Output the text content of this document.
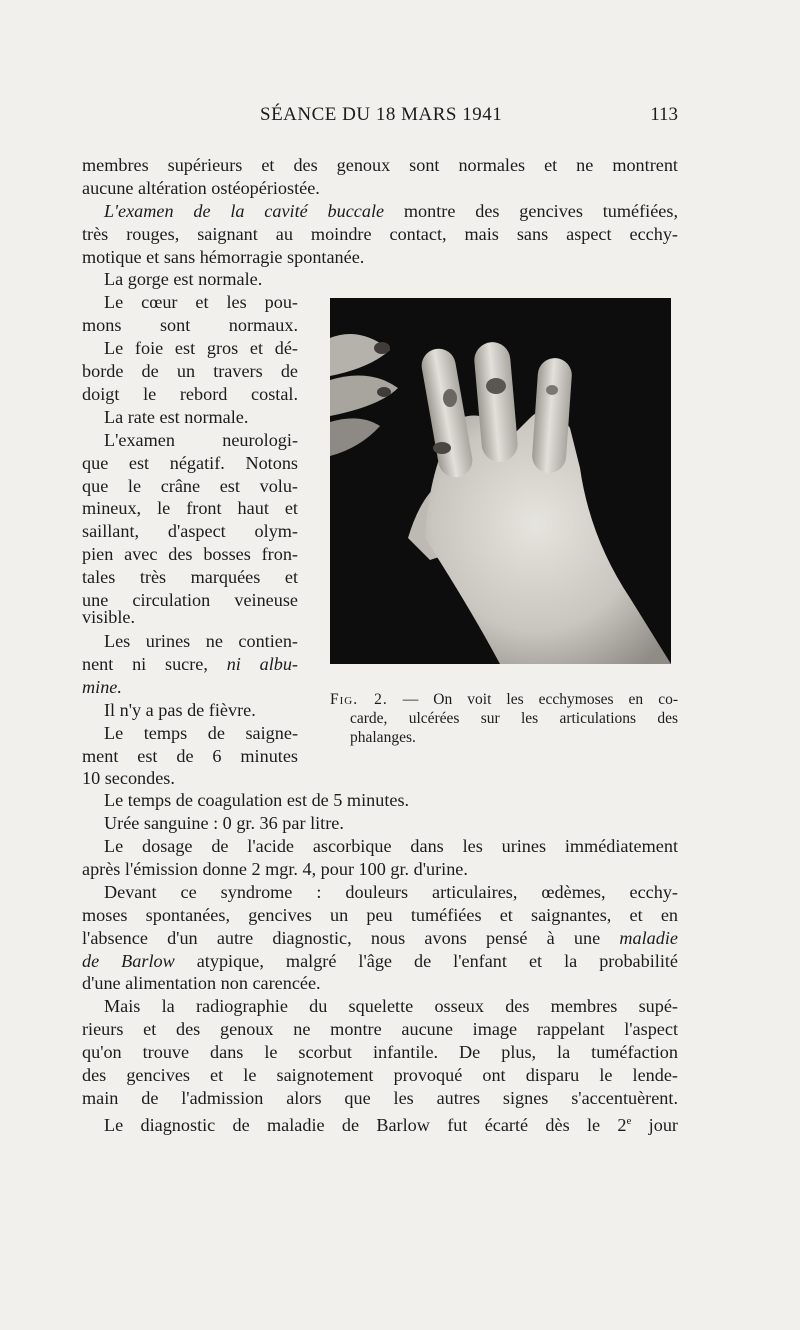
SÉANCE DU 18 MARS 1941	113
membres supérieurs et des genoux sont normales et ne montrent
aucune altération ostéopériostée.
L'examen de la cavité buccale montre des gencives tuméfiées,
très rouges, saignant au moindre contact, mais sans aspect ecchy-
motique et sans hémorragie spontanée.
La gorge est normale.
Le cœur et les pou-
mons sont normaux.
Le foie est gros et dé-
borde de un travers de
doigt le rebord costal.
La rate est normale.
L'examen neurologi-
que est négatif. Notons
que le crâne est volu-
mineux, le front haut et
saillant, d'aspect olym-
pien avec des bosses fron-
tales très marquées et
une circulation veineuse
visible.
Les urines ne contien-
nent ni sucre, ni albu-
mine.
Il n'y a pas de fièvre.
Le temps de saigne-
ment est de 6 minutes
10 secondes.
Fig. 2. — On voit les ecchymoses en co-
carde, ulcérées sur les articulations des
phalanges.
Le temps de coagulation est de 5 minutes.
Urée sanguine : 0 gr. 36 par litre.
Le dosage de l'acide ascorbique dans les urines immédiatement
après l'émission donne 2 mgr. 4, pour 100 gr. d'urine.
Devant ce syndrome : douleurs articulaires, œdèmes, ecchy-
moses spontanées, gencives un peu tuméfiées et saignantes, et en
l'absence d'un autre diagnostic, nous avons pensé à une maladie
de Barlow atypique, malgré l'âge de l'enfant et la probabilité
d'une alimentation non carencée.
Mais la radiographie du squelette osseux des membres supé-
rieurs et des genoux ne montre aucune image rappelant l'aspect
qu'on trouve dans le scorbut infantile. De plus, la tuméfaction
des gencives et le saignotement provoqué ont disparu le lende-
main de l'admission alors que les autres signes s'accentuèrent.
Le diagnostic de maladie de Barlow fut écarté dès le 2e jour
